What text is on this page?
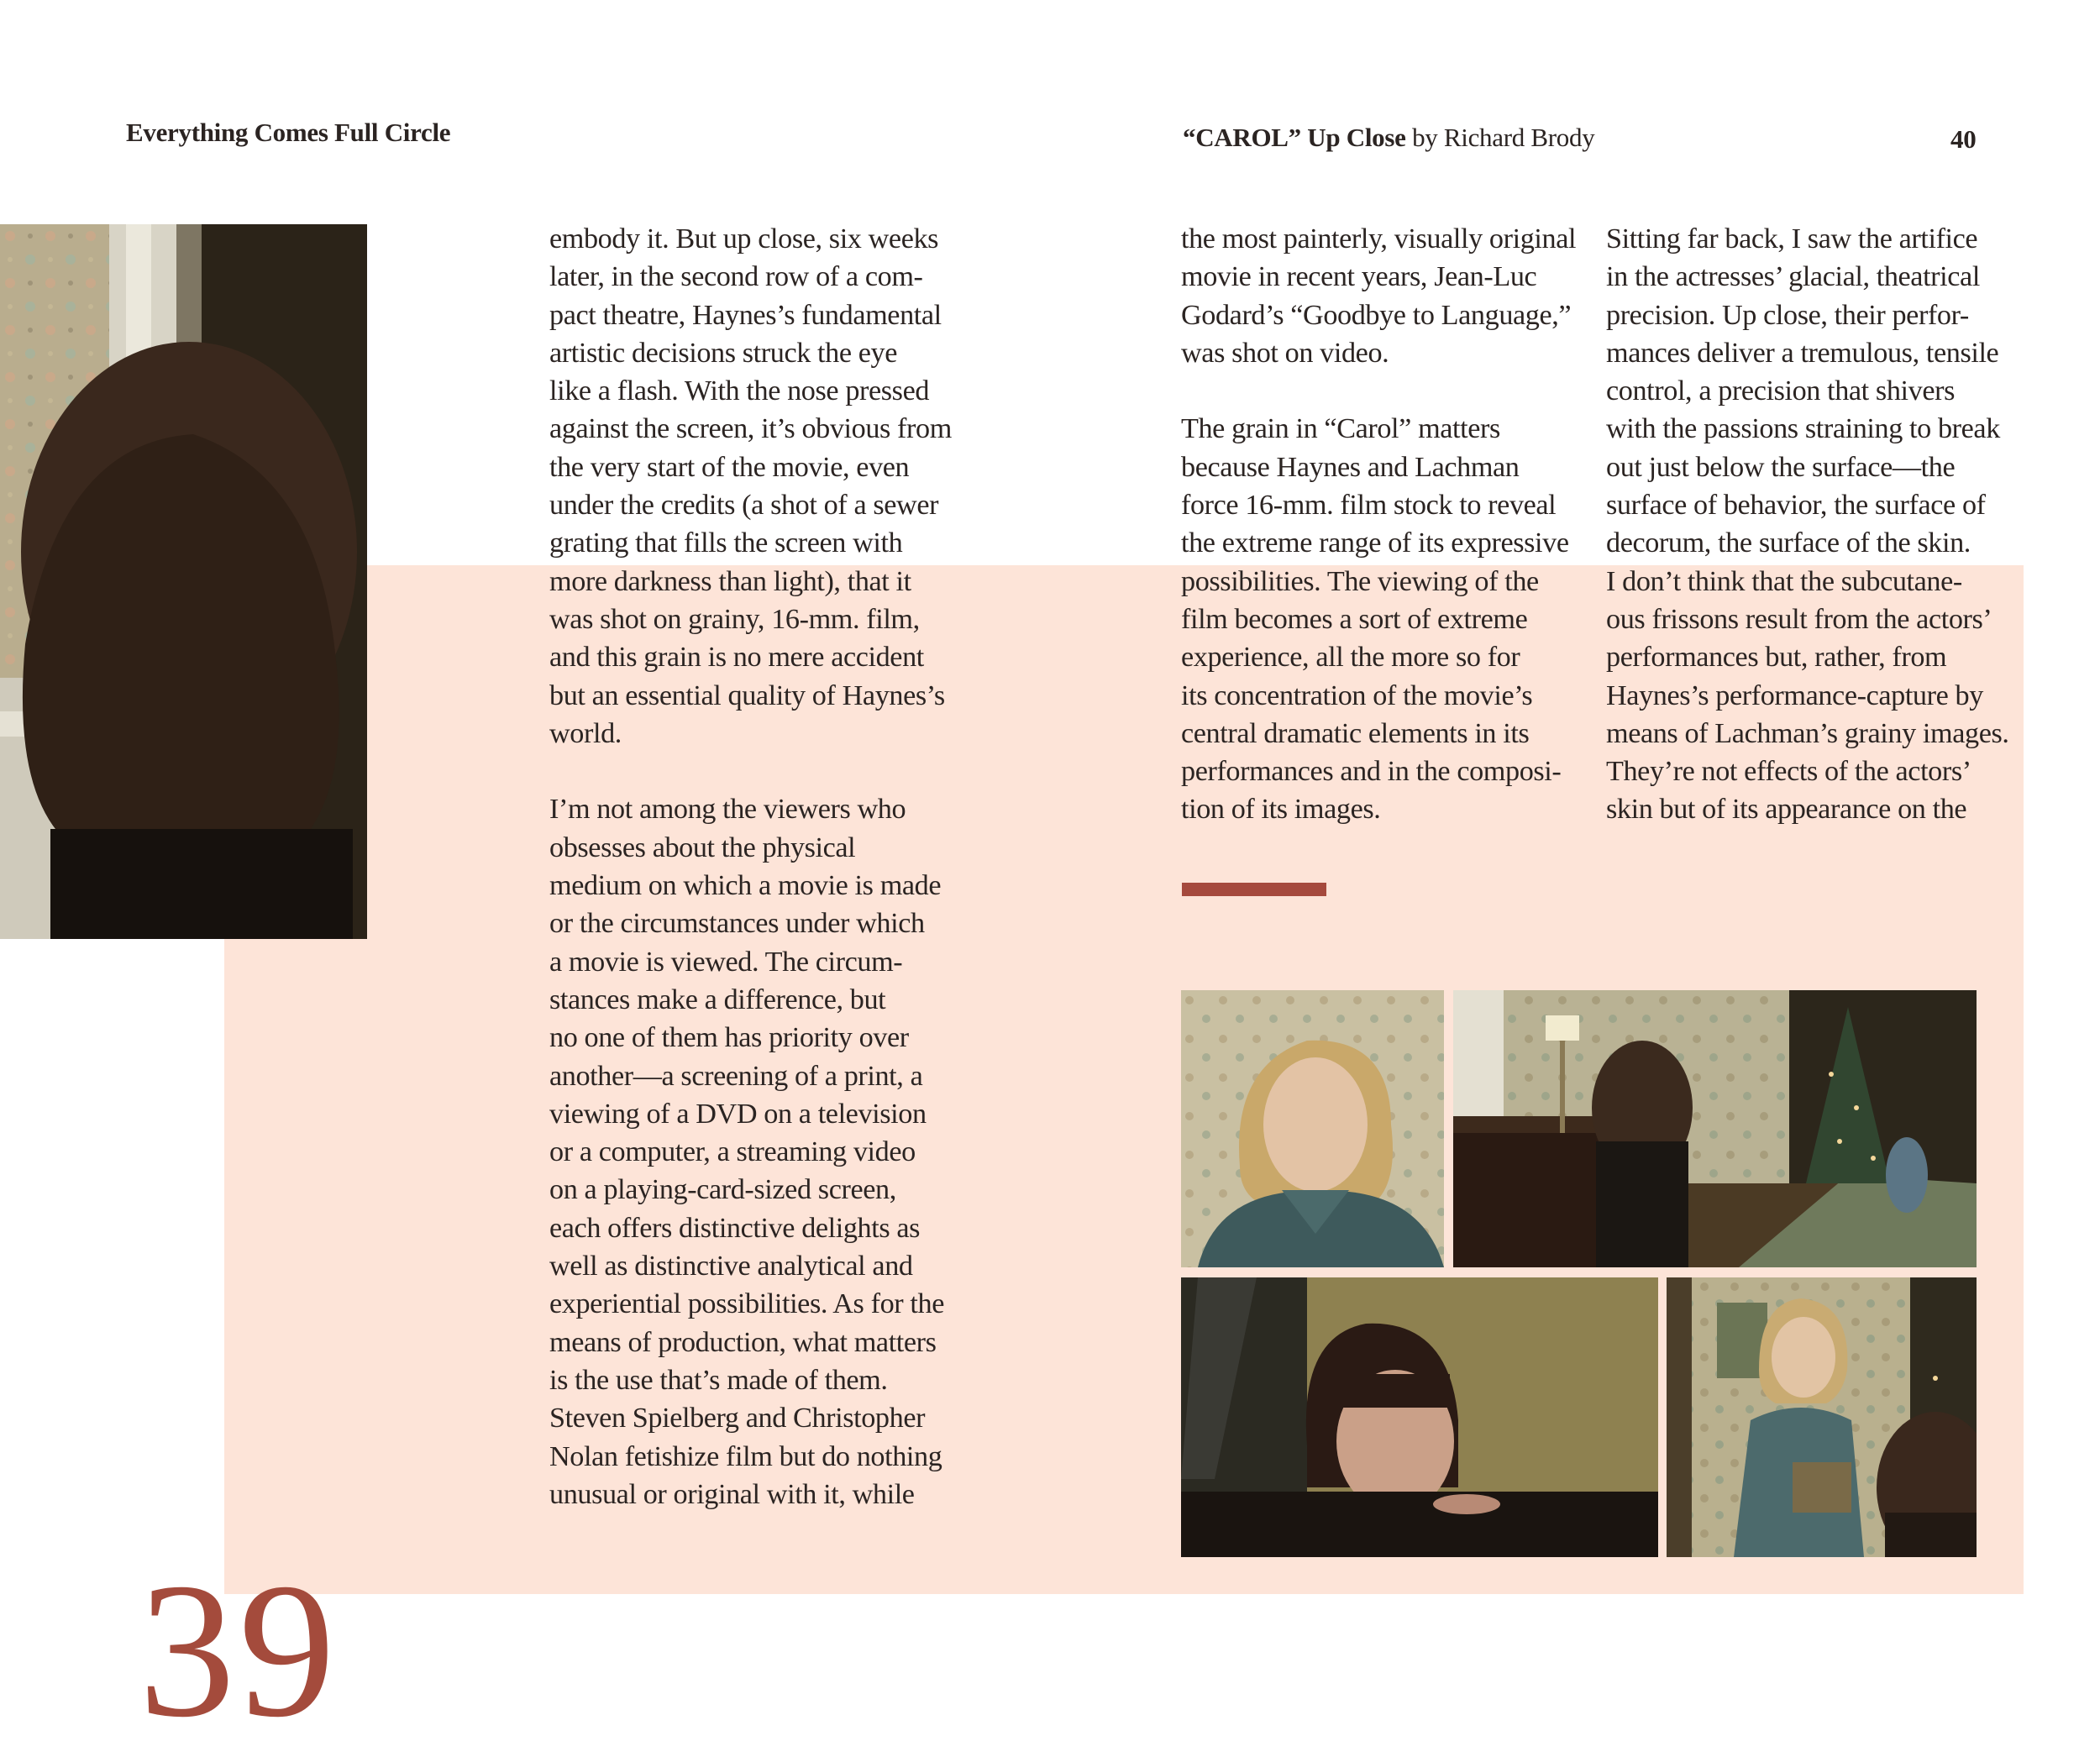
Everything Comes Full Circle	“CAROL” Up Close by Richard Brody	40
embody it. But up close, six weeks
later, in the second row of a com-
pact theatre, Haynes’s fundamental
artistic decisions struck the eye
like a flash. With the nose pressed
against the screen, it’s obvious from
the very start of the movie, even
under the credits (a shot of a sewer
grating that fills the screen with
more darkness than light), that it
was shot on grainy, 16-mm. film,
and this grain is no mere accident
but an essential quality of Haynes’s
world.
I’m not among the viewers who
obsesses about the physical
medium on which a movie is made
or the circumstances under which
a movie is viewed. The circum-
stances make a difference, but
no one of them has priority over
another—a screening of a print, a
viewing of a DVD on a television
or a computer, a streaming video
on a playing-card-sized screen,
each offers distinctive delights as
well as distinctive analytical and
experiential possibilities. As for the
means of production, what matters
is the use that’s made of them.
Steven Spielberg and Christopher
Nolan fetishize film but do nothing
unusual or original with it, while
the most painterly, visually original
movie in recent years, Jean-Luc
Godard’s “Goodbye to Language,”
was shot on video.
The grain in “Carol” matters
because Haynes and Lachman
force 16-mm. film stock to reveal
the extreme range of its expressive
possibilities. The viewing of the
film becomes a sort of extreme
experience, all the more so for
its concentration of the movie’s
central dramatic elements in its
performances and in the composi-
tion of its images.
Sitting far back, I saw the artifice
in the actresses’ glacial, theatrical
precision. Up close, their perfor-
mances deliver a tremulous, tensile
control, a precision that shivers
with the passions straining to break
out just below the surface—the
surface of behavior, the surface of
decorum, the surface of the skin.
I don’t think that the subcutane-
ous frissons result from the actors’
performances but, rather, from
Haynes’s performance-capture by
means of Lachman’s grainy images.
They’re not effects of the actors’
skin but of its appearance on the
39
